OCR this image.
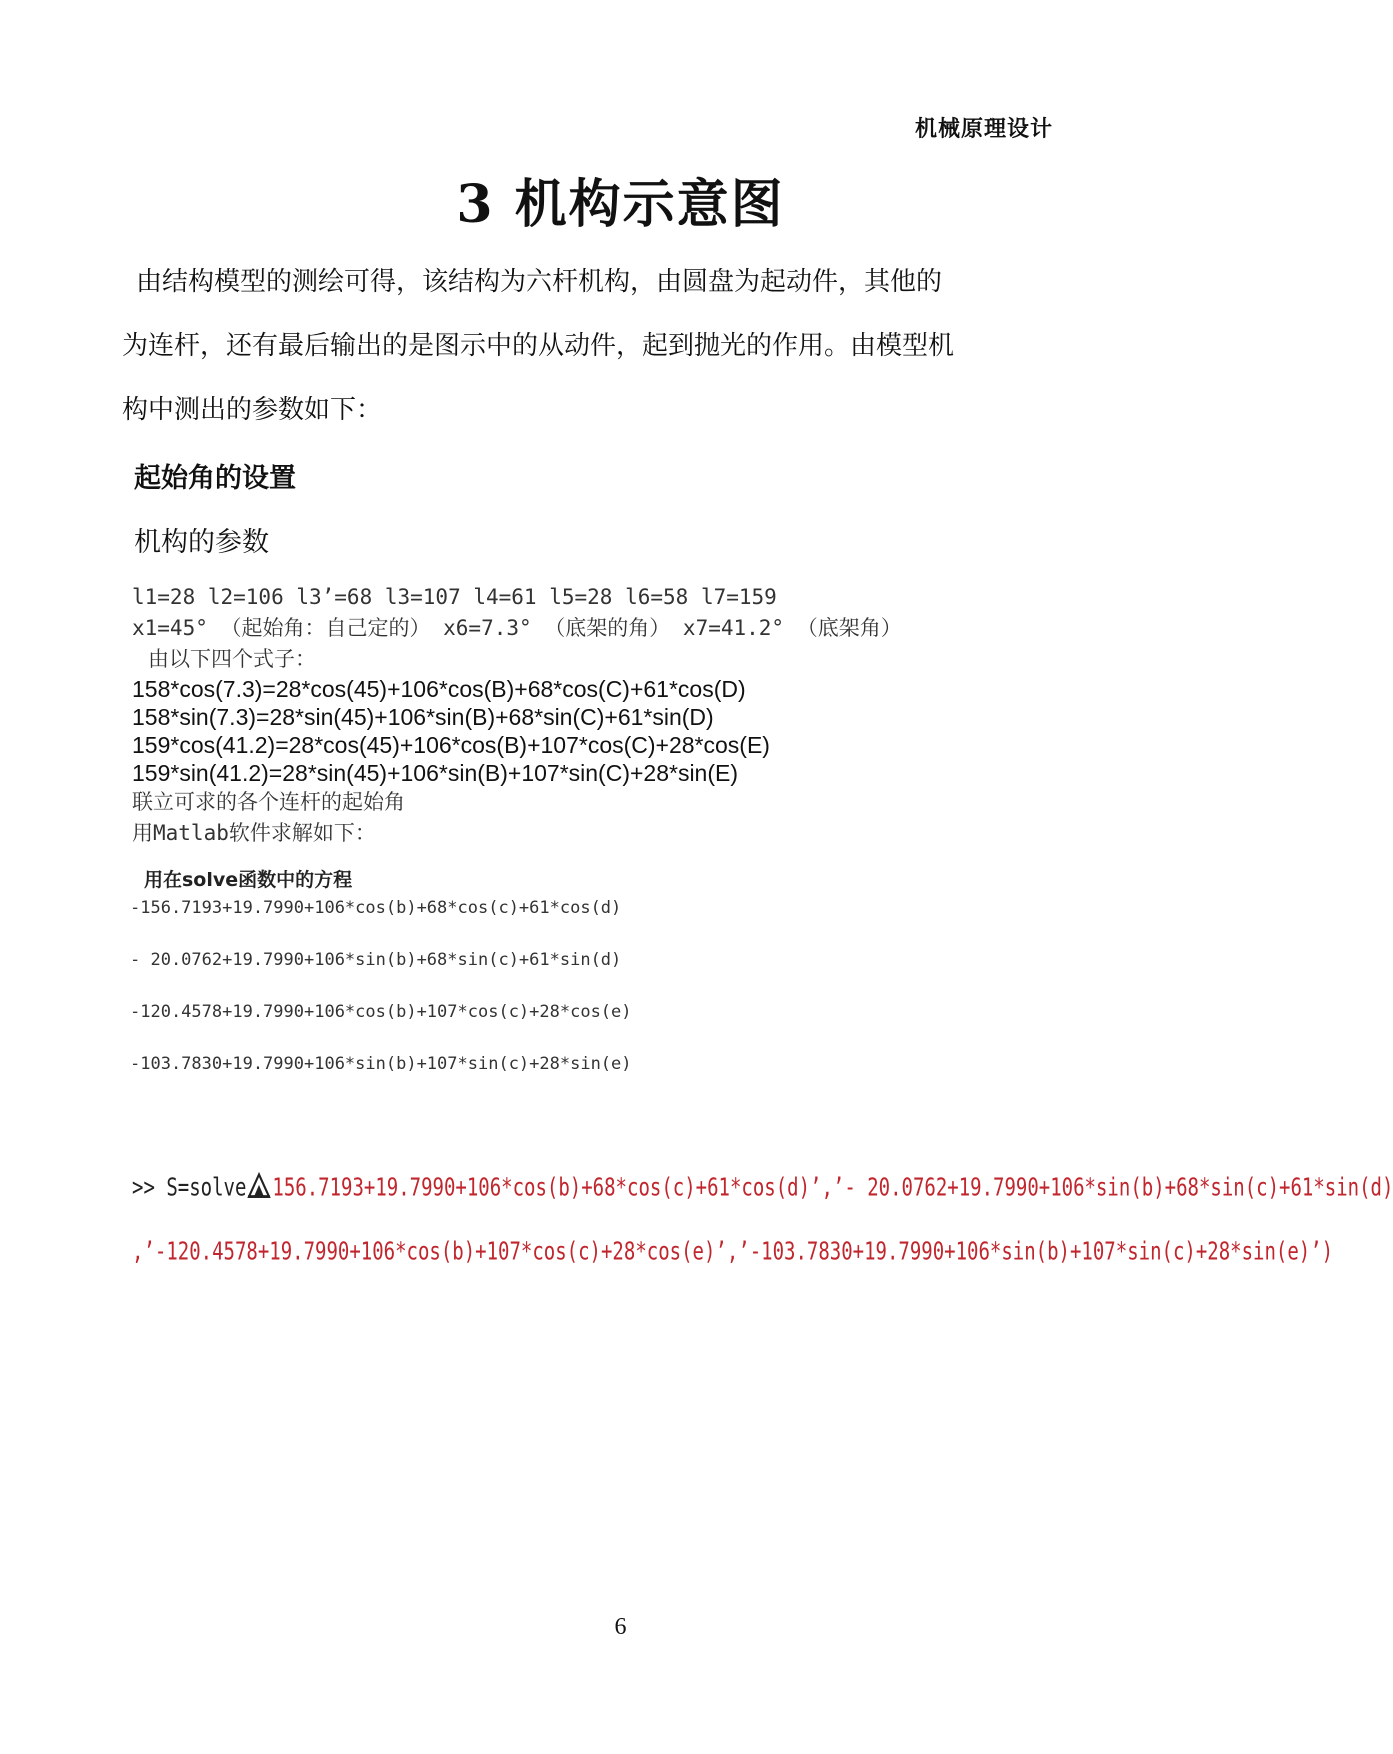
机械原理设计
3 机构示意图
由结构模型的测绘可得，该结构为六杆机构，由圆盘为起动件，其他的
为连杆，还有最后输出的是图示中的从动件，起到抛光的作用。由模型机
构中测出的参数如下：
起始角的设置
机构的参数
l1=28 l2=106 l3’=68 l3=107 l4=61 l5=28 l6=58 l7=159
x1=45° （起始角：自己定的） x6=7.3° （底架的角） x7=41.2° （底架角）
由以下四个式子：
158*cos(7.3)=28*cos(45)+106*cos(B)+68*cos(C)+61*cos(D)
158*sin(7.3)=28*sin(45)+106*sin(B)+68*sin(C)+61*sin(D)
159*cos(41.2)=28*cos(45)+106*cos(B)+107*cos(C)+28*cos(E)
159*sin(41.2)=28*sin(45)+106*sin(B)+107*sin(C)+28*sin(E)
联立可求的各个连杆的起始角
用Matlab软件求解如下：
用在solve函数中的方程
-156.7193+19.7990+106*cos(b)+68*cos(c)+61*cos(d)
- 20.0762+19.7990+106*sin(b)+68*sin(c)+61*sin(d)
-120.4578+19.7990+106*cos(b)+107*cos(c)+28*cos(e)
-103.7830+19.7990+106*sin(b)+107*sin(c)+28*sin(e)
>> S=solve 156.7193+19.7990+106*cos(b)+68*cos(c)+61*cos(d)’,’- 20.0762+19.7990+106*sin(b)+68*sin(c)+61*sin(d)
,’-120.4578+19.7990+106*cos(b)+107*cos(c)+28*cos(e)’,’-103.7830+19.7990+106*sin(b)+107*sin(c)+28*sin(e)’)
6
